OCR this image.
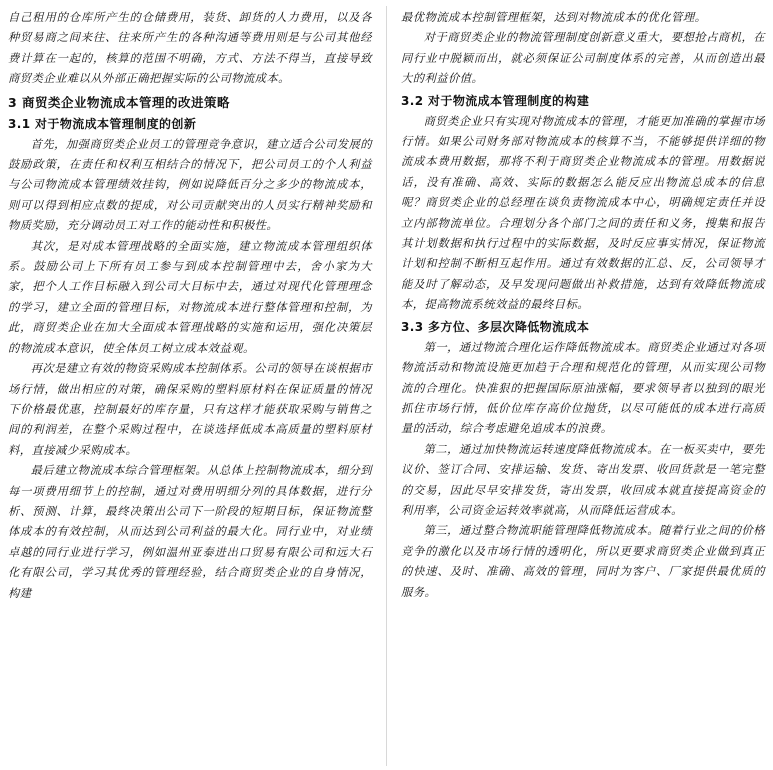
自己租用的仓库所产生的仓储费用，装货、卸货的人力费用，以及各种贸易商之间来往、往来所产生的各种沟通等费用则是与公司其他经费计算在一起的，核算的范围不明确，方式、方法不得当，直接导致商贸类企业难以从外部正确把握实际的公司物流成本。

3 商贸类企业物流成本管理的改进策略
3.1 对于物流成本管理制度的创新

首先，加强商贸类企业员工的管理竞争意识，建立适合公司发展的鼓励政策，在责任和权利互相结合的情况下，把公司员工的个人利益与公司物流成本管理绩效挂钩，例如说降低百分之多少的物流成本，则可以得到相应点数的提成，对公司贡献突出的人员实行精神奖励和物质奖励，充分调动员工对工作的能动性和积极性。

其次，是对成本管理战略的全面实施，建立物流成本管理组织体系。鼓励公司上下所有员工参与到成本控制管理中去，舍小家为大家，把个人工作目标融入到公司大目标中去，通过对现代化管理理念的学习，建立全面的管理目标，对物流成本进行整体管理和控制，为此，商贸类企业在加大全面成本管理战略的实施和运用，强化决策层的物流成本意识，使全体员工树立成本效益观。

再次是建立有效的物资采购成本控制体系。公司的领导在谈根据市场行情，做出相应的对策，确保采购的塑料原材料在保证质量的情况下价格最优惠，控制最好的库存量，只有这样才能获取采购与销售之间的利润差，在整个采购过程中，在谈选择低成本高质量的塑料原材料，直接减少采购成本。

最后建立物流成本综合管理框架。从总体上控制物流成本，细分到每一项费用细节上的控制，通过对费用明细分列的具体数据，进行分析、预测、计算，最终决策出公司下一阶段的短期目标，保证物流整体成本的有效控制，从而达到公司利益的最大化。同行业中，对业绩卓越的同行业进行学习，例如温州亚泰进出口贸易有限公司和远大石化有限公司，学习其优秀的管理经验，结合商贸类企业的自身情况，构建

最优物流成本控制管理框架，达到对物流成本的优化管理。

对于商贸类企业的物流管理制度创新意义重大，要想抢占商机，在同行业中脱颖而出，就必须保证公司制度体系的完善，从而创造出最大的利益价值。

3.2 对于物流成本管理制度的构建

商贸类企业只有实现对物流成本的管理，才能更加准确的掌握市场行情。如果公司财务部对物流成本的核算不当，不能够提供详细的物流成本费用数据，那将不利于商贸类企业物流成本的管理。用数据说话，没有准确、高效、实际的数据怎么能反应出物流总成本的信息呢？商贸类企业的总经理在谈负责物流成本中心，明确规定责任并设立内部物流单位。合理划分各个部门之间的责任和义务，搜集和报告其计划数据和执行过程中的实际数据，及时反应事实情况，保证物流计划和控制不断相互起作用。通过有效数据的汇总、反，公司领导才能及时了解动态，及早发现问题做出补救措施，达到有效降低物流成本，提高物流系统效益的最终目标。

3.3 多方位、多层次降低物流成本

第一，通过物流合理化运作降低物流成本。商贸类企业通过对各项物流活动和物流设施更加趋于合理和规范化的管理，从而实现公司物流的合理化。快准狠的把握国际原油涨幅，要求领导者以独到的眼光抓住市场行情，低价位库存高价位抛货，以尽可能低的成本进行高质量的活动，综合考虑避免追成本的浪费。

第二，通过加快物流运转速度降低物流成本。在一板买卖中，要先议价、签订合同、安排运输、发货、寄出发票、收回货款是一笔完整的交易，因此尽早安排发货，寄出发票，收回成本就直接提高资金的利用率，公司资金运转效率就高，从而降低运营成本。

第三，通过整合物流职能管理降低物流成本。随着行业之间的价格竞争的激化以及市场行情的透明化，所以更要求商贸类企业做到真正的快速、及时、准确、高效的管理，同时为客户、厂家提供最优质的服务。
